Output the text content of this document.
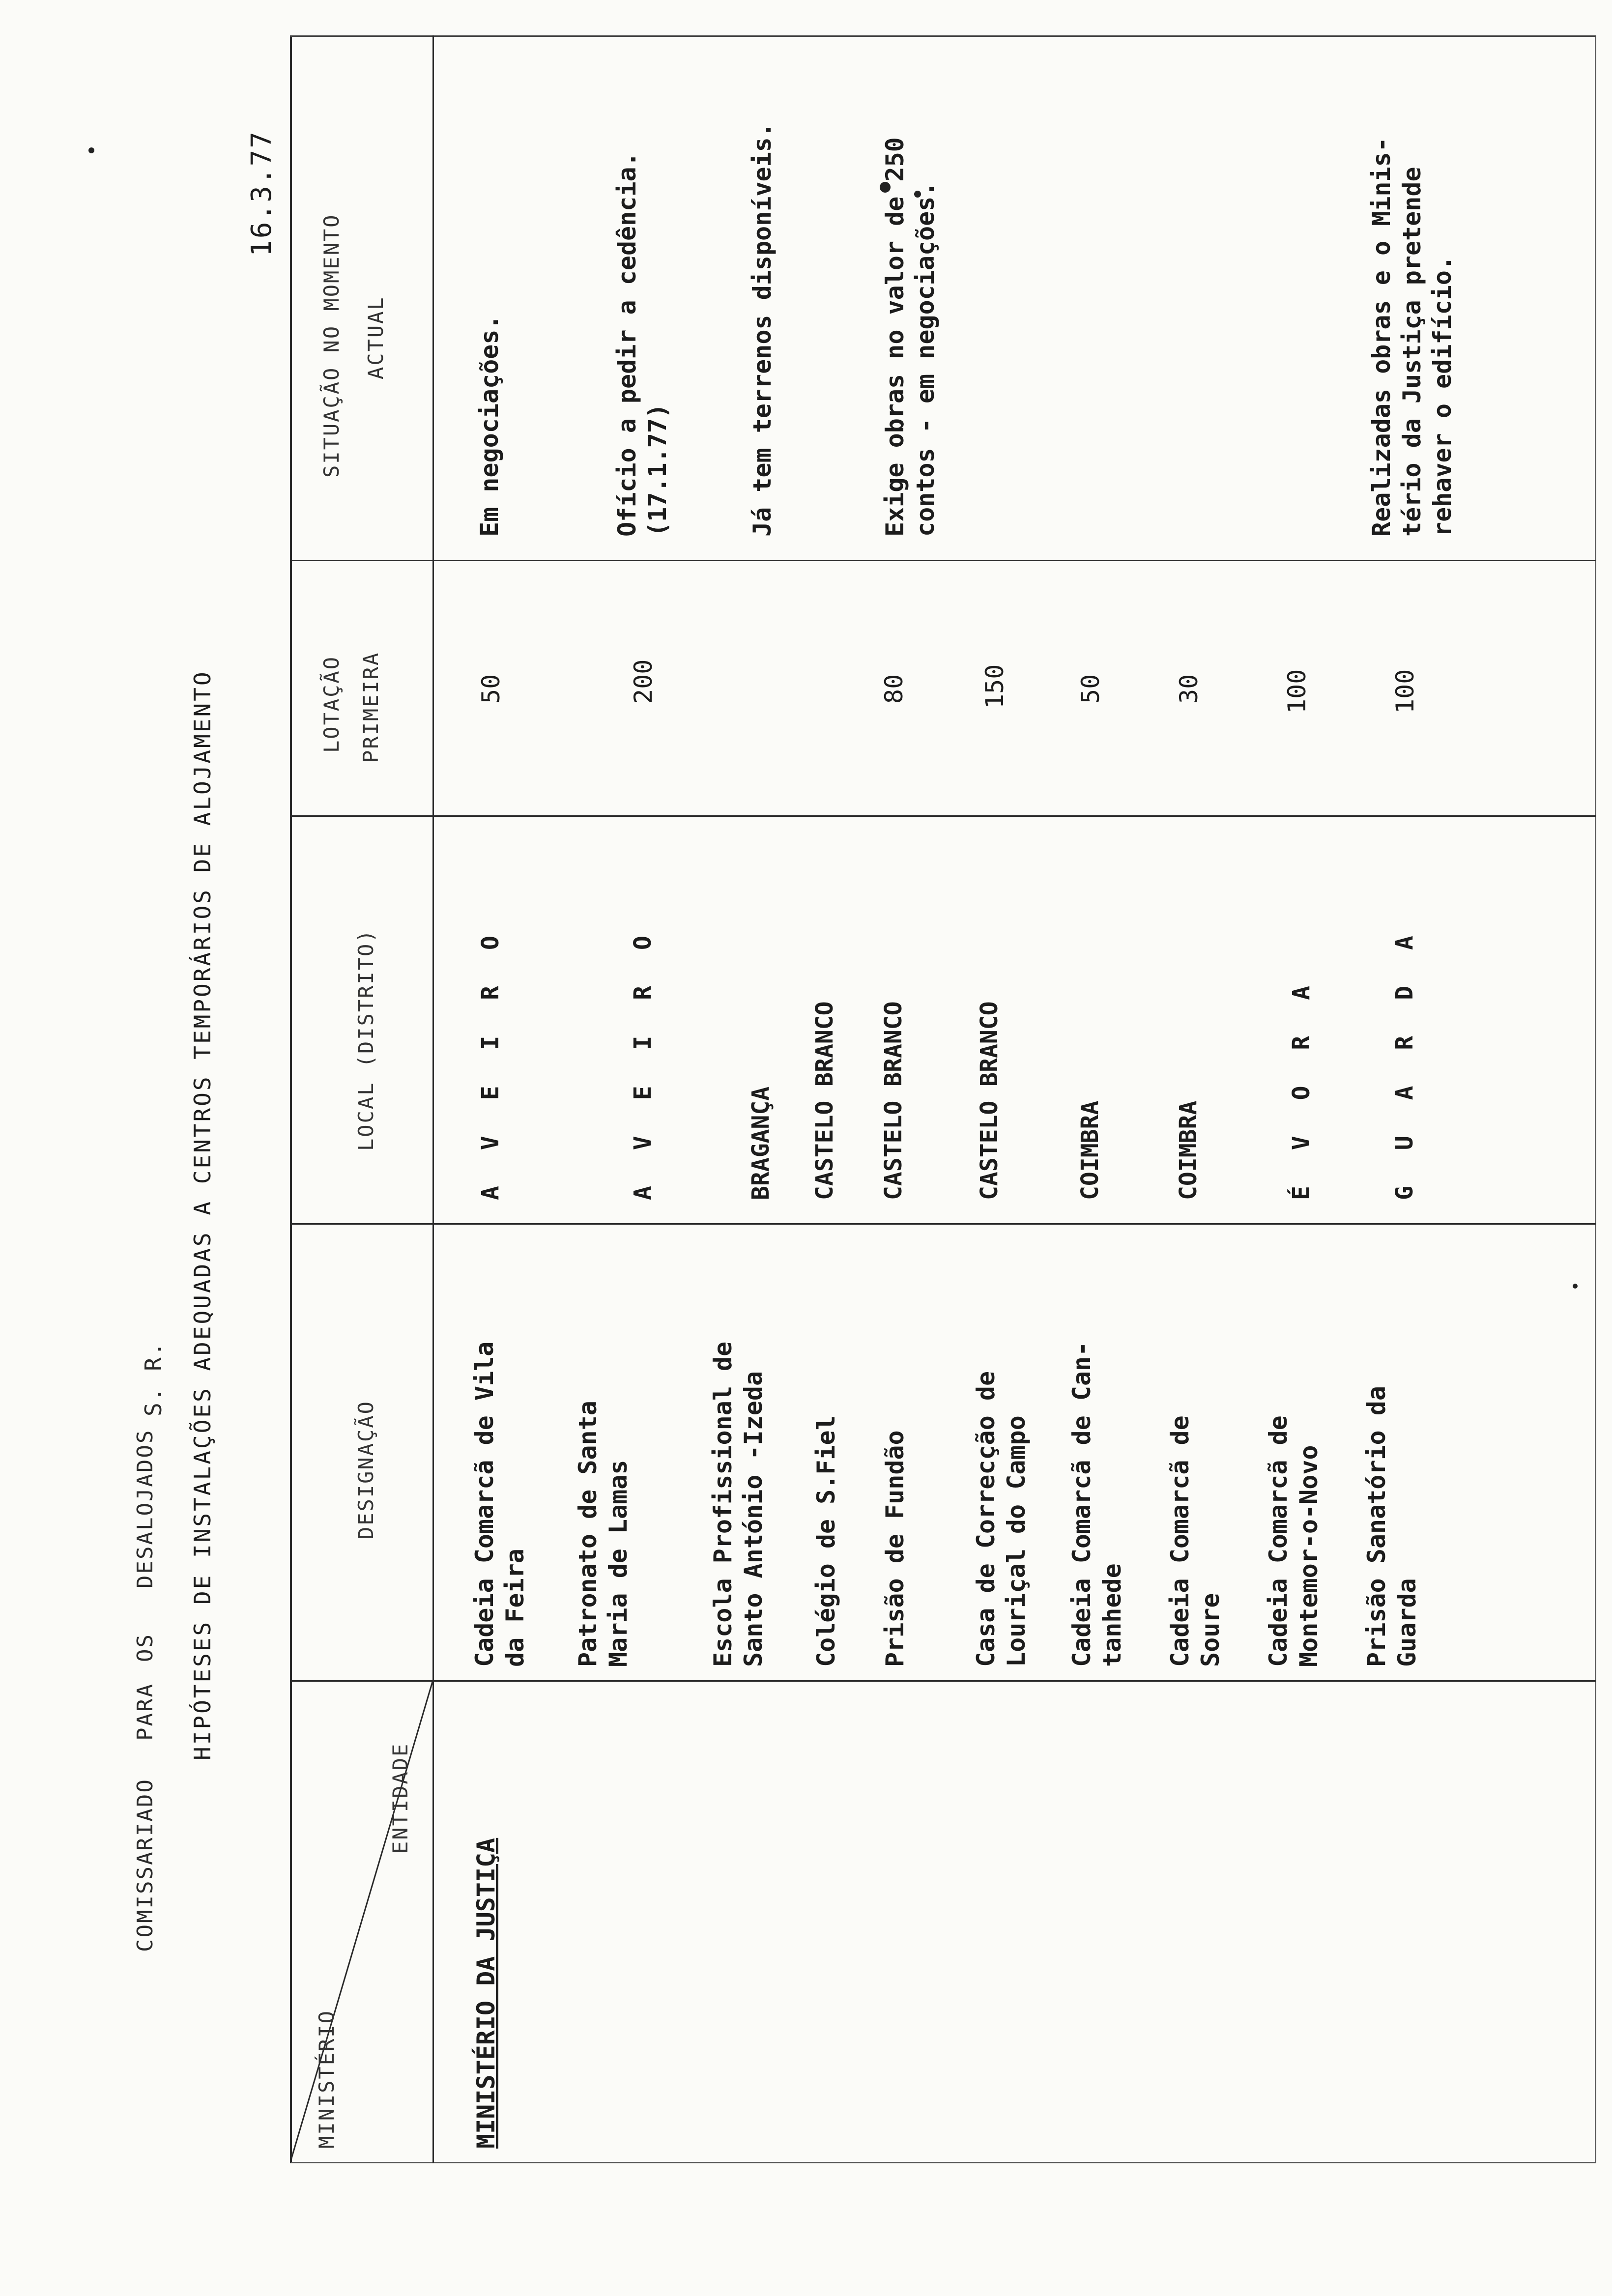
S. R.
COMISSARIADO
PARA
OS
DESALOJADOS HIPÓTESES DE INSTALAÇÕES ADEQUADAS A CENTROS TEMPORÁRIOS DE ALOJAMENTO
16.3.77
MINISTÉRIO
ENTIDADE
DESIGNAÇÃO
LOCAL (DISTRITO)
LOTAÇÃO PRIMEIRA
SITUAÇÃO NO MOMENTO ACTUAL
MINISTÉRIO DA JUSTIÇA
Cadeia Comarcã de Vila
da Feira
A V E I R O
50
Em negociações.
Patronato de Santa
Maria de Lamas
A V E I R O
200
Ofício a pedir a cedência.
(17.1.77)
Escola Profissional de
Santo António -Izeda
BRAGANÇA
Já tem terrenos disponíveis.
Colégio de S.Fiel
CASTELO BRANCO
Prisão de Fundão
CASTELO BRANCO
80
Exige obras no valor de 250
contos - em negociações.
Casa de Correcção de
Louriçal do Campo
CASTELO BRANCO
150
Cadeia Comarcã de Can-
tanhede
COIMBRA
50
Cadeia Comarcã de
Soure
COIMBRA
30
Cadeia Comarcã de
Montemor-o-Novo
É V O R A
100
Prisão Sanatório da
Guarda
G U A R D A
100
Realizadas obras e o Minis-
tério da Justiça pretende
rehaver o edifício.
